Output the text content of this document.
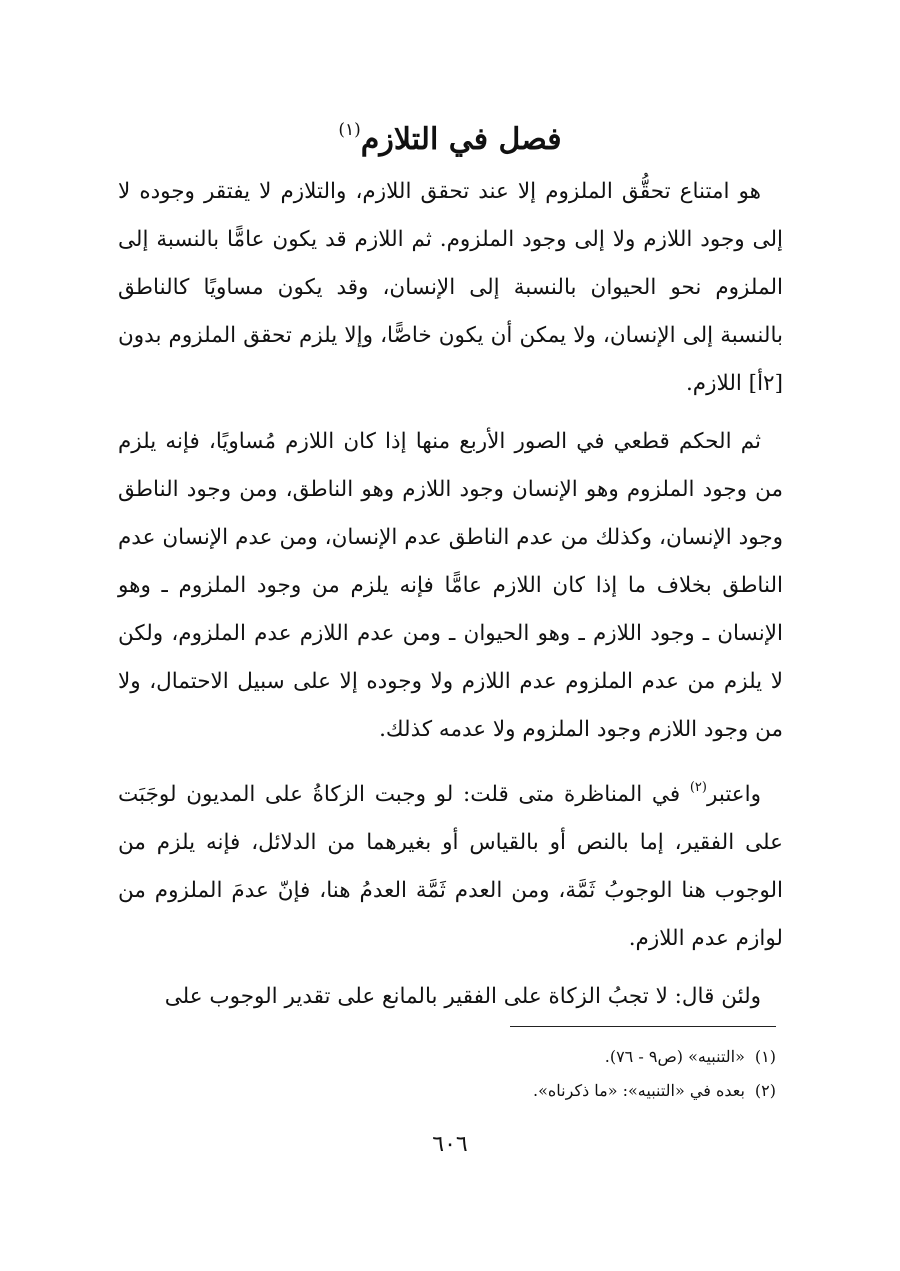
فصل في التلازم$^{(١)}$

هو امتناع تحقُّق الملزوم إلا عند تحقق اللازم، والتلازم لا يفتقر وجوده لا إلى وجود اللازم ولا إلى وجود الملزوم. ثم اللازم قد يكون عامًّا بالنسبة إلى الملزوم نحو الحيوان بالنسبة إلى الإنسان، وقد يكون مساويًا كالناطق بالنسبة إلى الإنسان، ولا يمكن أن يكون خاصًّا، وإلا يلزم تحقق الملزوم بدون [٢أ] اللازم.

ثم الحكم قطعي في الصور الأربع منها إذا كان اللازم مُساويًا، فإنه يلزم من وجود الملزوم وهو الإنسان وجود اللازم وهو الناطق، ومن وجود الناطق وجود الإنسان، وكذلك من عدم الناطق عدم الإنسان، ومن عدم الإنسان عدم الناطق بخلاف ما إذا كان اللازم عامًّا فإنه يلزم من وجود الملزوم ـ وهو الإنسان ـ وجود اللازم ـ وهو الحيوان ـ ومن عدم اللازم عدم الملزوم، ولكن لا يلزم من عدم الملزوم عدم اللازم ولا وجوده إلا على سبيل الاحتمال، ولا من وجود اللازم وجود الملزوم ولا عدمه كذلك.

واعتبر$^{(٢)}$ في المناظرة متى قلت: لو وجبت الزكاةُ على المديون لوجَبَت على الفقير، إما بالنص أو بالقياس أو بغيرهما من الدلائل، فإنه يلزم من الوجوب هنا الوجوبُ ثَمَّة، ومن العدم ثَمَّة العدمُ هنا، فإنّ عدمَ الملزوم من لوازم عدم اللازم.

ولئن قال: لا تجبُ الزكاة على الفقير بالمانع على تقدير الوجوب على

(١)«التنبيه» (ص٩ - ٧٦).

(٢)بعده في «التنبيه»: «ما ذكرناه».

٦٠٦
